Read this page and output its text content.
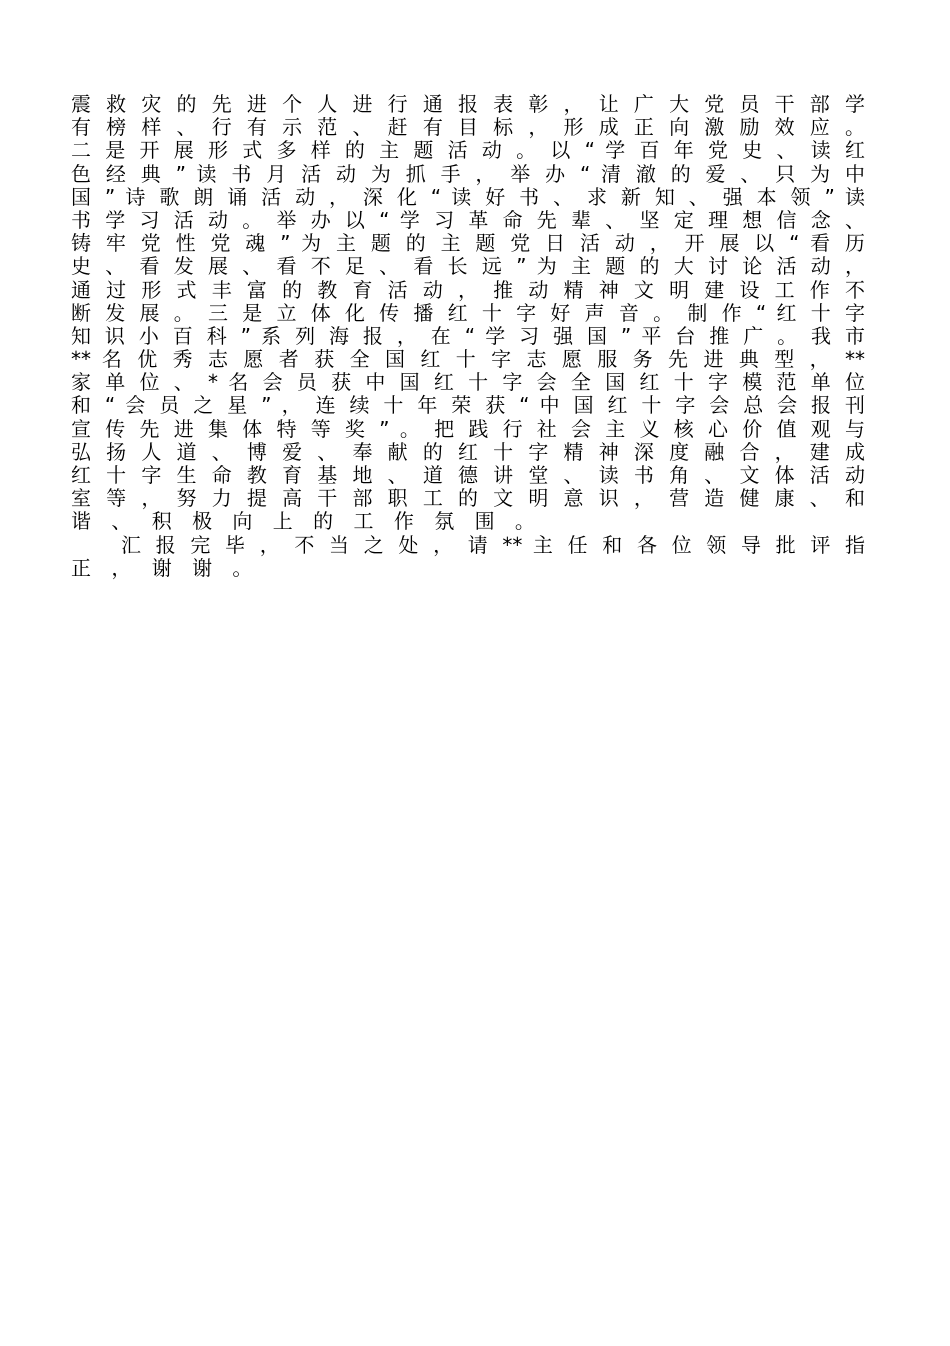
震 救 灾 的 先 进 个 人 进 行 通 报 表 彰 ， 让 广 大 党 员 干 部 学
有 榜 样 、 行 有 示 范 、 赶 有 目 标 ， 形 成 正 向 激 励 效 应 。
二 是 开 展 形 式 多 样 的 主 题 活 动 。 以 “ 学 百 年 党 史 、 读 红
色 经 典 ” 读 书 月 活 动 为 抓 手 ， 举 办 “ 清 澈 的 爱 、 只 为 中
国 ” 诗 歌 朗 诵 活 动 ， 深 化 “ 读 好 书 、 求 新 知 、 强 本 领 ” 读
书 学 习 活 动 。 举 办 以 “ 学 习 革 命 先 辈 、 坚 定 理 想 信 念 、
铸 牢 党 性 党 魂 ” 为 主 题 的 主 题 党 日 活 动 ， 开 展 以 “ 看 历
史 、 看 发 展 、 看 不 足 、 看 长 远 ” 为 主 题 的 大 讨 论 活 动 ，
通 过 形 式 丰 富 的 教 育 活 动 ， 推 动 精 神 文 明 建 设 工 作 不
断 发 展 。 三 是 立 体 化 传 播 红 十 字 好 声 音 。 制 作 “ 红 十 字
知 识 小 百 科 ” 系 列 海 报 ， 在 “ 学 习 强 国 ” 平 台 推 广 。 我 市
** 名 优 秀 志 愿 者 获 全 国 红 十 字 志 愿 服 务 先 进 典 型 ， **
家 单 位 、 * 名 会 员 获 中 国 红 十 字 会 全 国 红 十 字 模 范 单 位
和 “ 会 员 之 星 ” ， 连 续 十 年 荣 获 “ 中 国 红 十 字 会 总 会 报 刊
宣 传 先 进 集 体 特 等 奖 ” 。 把 践 行 社 会 主 义 核 心 价 值 观 与
弘 扬 人 道 、 博 爱 、 奉 献 的 红 十 字 精 神 深 度 融 合 ， 建 成
红 十 字 生 命 教 育 基 地 、 道 德 讲 堂 、 读 书 角 、 文 体 活 动
室 等 ， 努 力 提 高 干 部 职 工 的 文 明 意 识 ， 营 造 健 康 、 和
谐 、 积 极 向 上 的 工 作 氛 围 。
汇 报 完 毕 ， 不 当 之 处 ， 请 ** 主 任 和 各 位 领 导 批 评 指
正 ， 谢 谢 。
